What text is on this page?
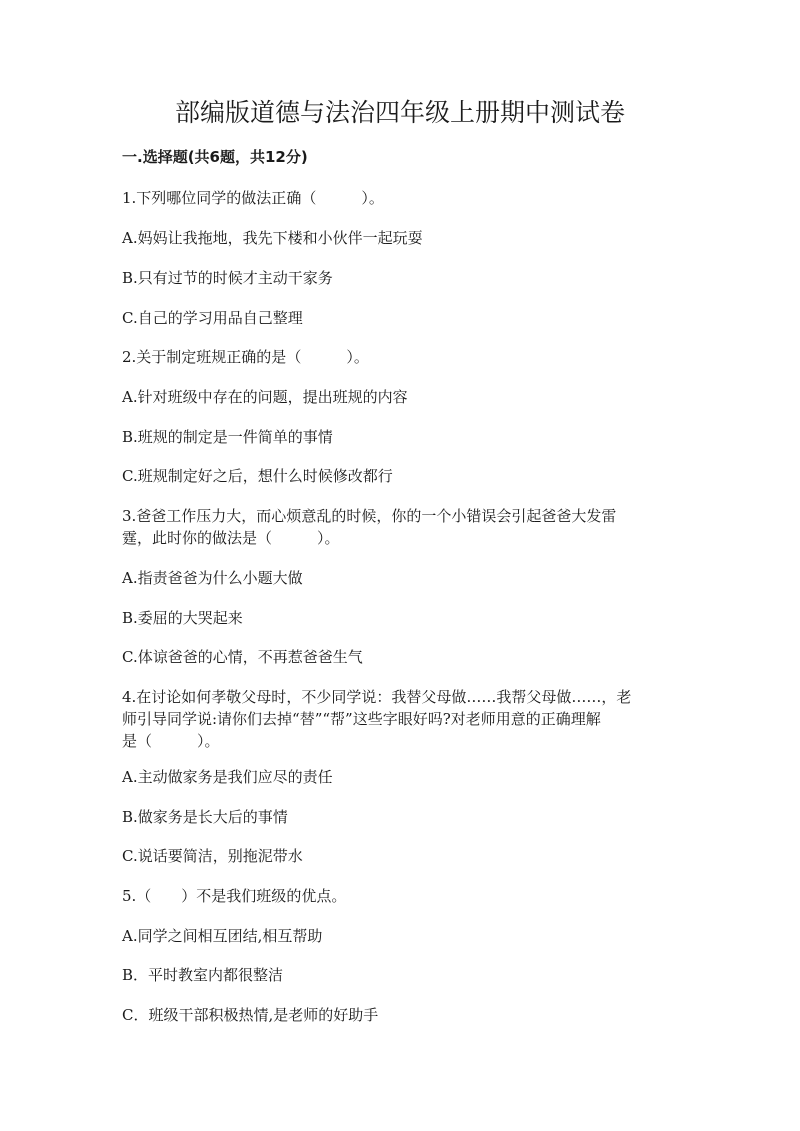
部编版道德与法治四年级上册期中测试卷
一.选择题(共6题，共12分)
1.下列哪位同学的做法正确（　　　）。
A.妈妈让我拖地，我先下楼和小伙伴一起玩耍
B.只有过节的时候才主动干家务
C.自己的学习用品自己整理
2.关于制定班规正确的是（　　　）。
A.针对班级中存在的问题，提出班规的内容
B.班规的制定是一件简单的事情
C.班规制定好之后，想什么时候修改都行
3.爸爸工作压力大，而心烦意乱的时候，你的一个小错误会引起爸爸大发雷
霆，此时你的做法是（　　　）。
A.指责爸爸为什么小题大做
B.委屈的大哭起来
C.体谅爸爸的心情，不再惹爸爸生气
4.在讨论如何孝敬父母时，不少同学说：我替父母做……我帮父母做……，老
师引导同学说:请你们去掉“替”“帮”这些字眼好吗?对老师用意的正确理解
是（　　　）。
A.主动做家务是我们应尽的责任
B.做家务是长大后的事情
C.说话要简洁，别拖泥带水
5.（　　）不是我们班级的优点。
A.同学之间相互团结,相互帮助
B．平时教室内都很整洁
C．班级干部积极热情,是老师的好助手
